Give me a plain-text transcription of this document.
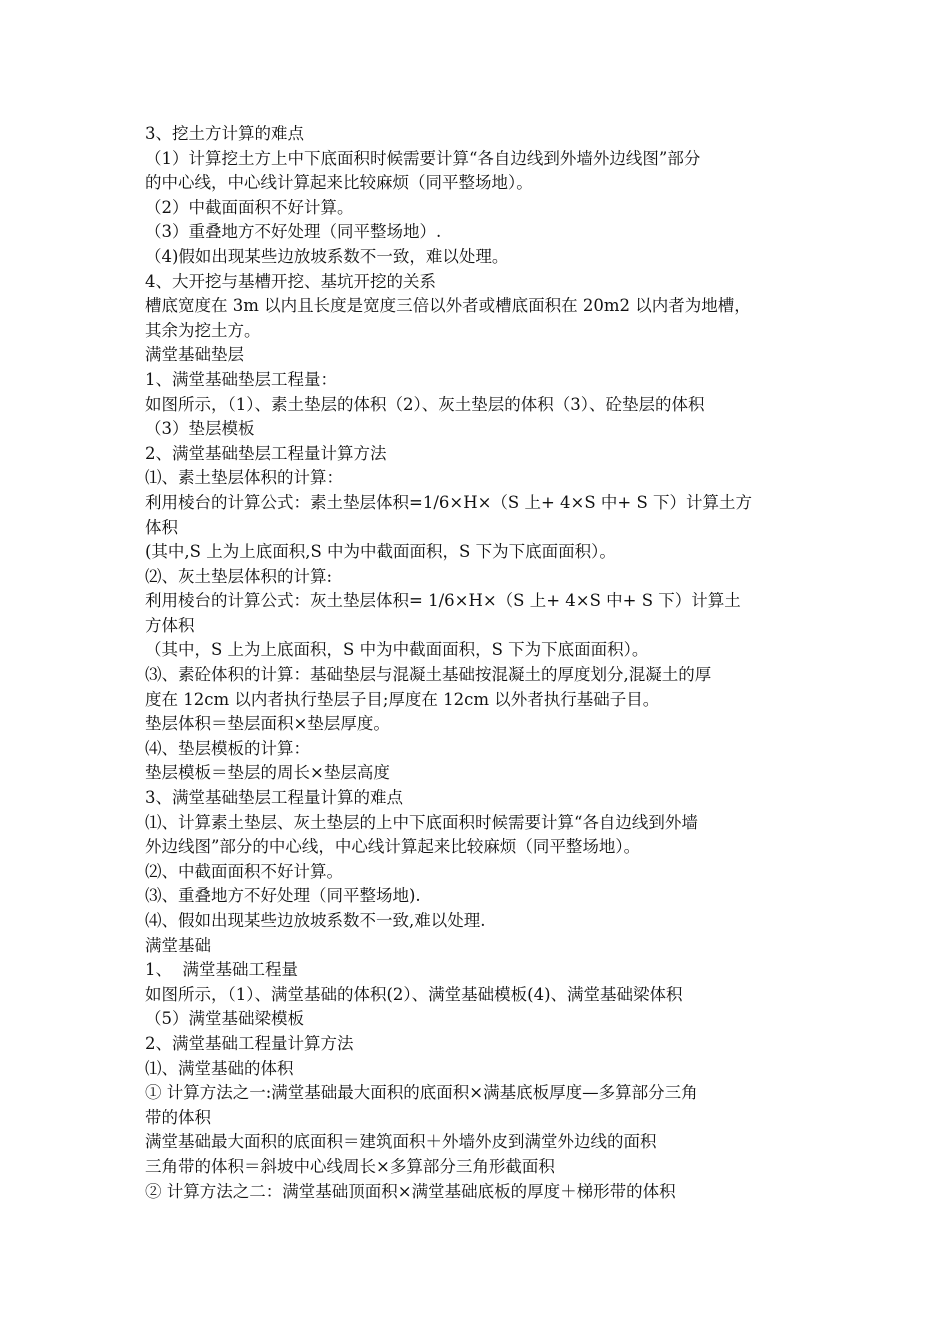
3、挖土方计算的难点
（1）计算挖土方上中下底面积时候需要计算“各自边线到外墙外边线图”部分
的中心线，中心线计算起来比较麻烦（同平整场地）。
（2）中截面面积不好计算。
（3）重叠地方不好处理（同平整场地）.
（4)假如出现某些边放坡系数不一致，难以处理。
4、大开挖与基槽开挖、基坑开挖的关系
槽底宽度在 3m 以内且长度是宽度三倍以外者或槽底面积在 20m2 以内者为地槽，
其余为挖土方。
满堂基础垫层
1、满堂基础垫层工程量：
如图所示，（1）、素土垫层的体积（2）、灰土垫层的体积（3）、砼垫层的体积
（3）垫层模板
2、满堂基础垫层工程量计算方法
⑴、素土垫层体积的计算：
利用棱台的计算公式：素土垫层体积=1/6×H×（S 上+ 4×S 中+ S 下）计算土方
体积
(其中,S 上为上底面积,S 中为中截面面积，S 下为下底面面积）。
⑵、灰土垫层体积的计算:
利用棱台的计算公式：灰土垫层体积= 1/6×H×（S 上+ 4×S 中+ S 下）计算土
方体积
（其中，S 上为上底面积，S 中为中截面面积，S 下为下底面面积）。
⑶、素砼体积的计算：基础垫层与混凝土基础按混凝土的厚度划分,混凝土的厚
度在 12cm 以内者执行垫层子目;厚度在 12cm 以外者执行基础子目。
垫层体积＝垫层面积×垫层厚度。
⑷、垫层模板的计算：
垫层模板＝垫层的周长×垫层高度
3、满堂基础垫层工程量计算的难点
⑴、计算素土垫层、灰土垫层的上中下底面积时候需要计算“各自边线到外墙
外边线图”部分的中心线，中心线计算起来比较麻烦（同平整场地）。
⑵、中截面面积不好计算。
⑶、重叠地方不好处理（同平整场地).
⑷、假如出现某些边放坡系数不一致,难以处理.
满堂基础
1、  满堂基础工程量
如图所示，（1）、满堂基础的体积(2）、满堂基础模板(4)、满堂基础梁体积
（5）满堂基础梁模板
2、满堂基础工程量计算方法
⑴、满堂基础的体积
① 计算方法之一:满堂基础最大面积的底面积×满基底板厚度—多算部分三角
带的体积
满堂基础最大面积的底面积＝建筑面积＋外墙外皮到满堂外边线的面积
三角带的体积＝斜坡中心线周长×多算部分三角形截面积
② 计算方法之二：满堂基础顶面积×满堂基础底板的厚度＋梯形带的体积
